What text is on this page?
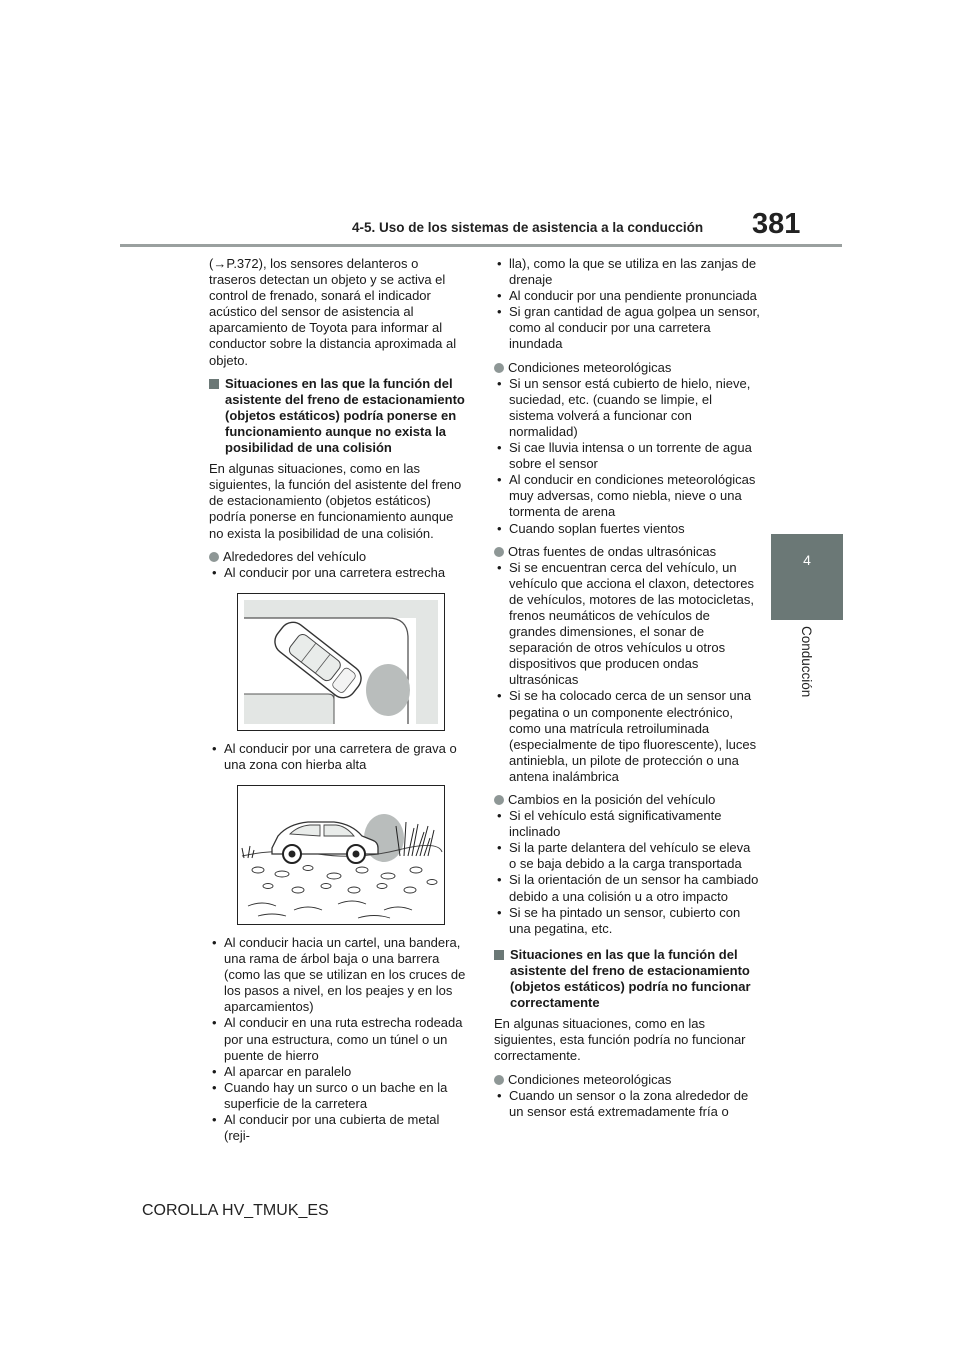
4-5. Uso de los sistemas de asistencia a la conducción 381
4
Conducción

(→P.372), los sensores delanteros o traseros detectan un objeto y se activa el control de frenado, sonará el indicador acústico del sensor de asistencia al aparcamiento de Toyota para informar al conductor sobre la distancia aproximada al objeto.

Situaciones en las que la función del asistente del freno de estacionamiento (objetos estáticos) podría ponerse en funcionamiento aunque no exista la posibilidad de una colisión

En algunas situaciones, como en las siguientes, la función del asistente del freno de estacionamiento (objetos estáticos) podría ponerse en funcionamiento aunque no exista la posibilidad de una colisión.

Alrededores del vehículo

• Al conducir por una carretera estrecha

• Al conducir por una carretera de grava o una zona con hierba alta

• Al conducir hacia un cartel, una bandera, una rama de árbol baja o una barrera (como las que se utilizan en los cruces de los pasos a nivel, en los peajes y en los aparcamientos)

• Al conducir en una ruta estrecha rodeada por una estructura, como un túnel o un puente de hierro

• Al aparcar en paralelo

• Cuando hay un surco o un bache en la superficie de la carretera

• Al conducir por una cubierta de metal (reji-

• lla), como la que se utiliza en las zanjas de drenaje

• Al conducir por una pendiente pronunciada

• Si gran cantidad de agua golpea un sensor, como al conducir por una carretera inundada

Condiciones meteorológicas

• Si un sensor está cubierto de hielo, nieve, suciedad, etc. (cuando se limpie, el sistema volverá a funcionar con normalidad)

• Si cae lluvia intensa o un torrente de agua sobre el sensor

• Al conducir en condiciones meteorológicas muy adversas, como niebla, nieve o una tormenta de arena

• Cuando soplan fuertes vientos

Otras fuentes de ondas ultrasónicas

• Si se encuentran cerca del vehículo, un vehículo que acciona el claxon, detectores de vehículos, motores de las motocicletas, frenos neumáticos de vehículos de grandes dimensiones, el sonar de separación de otros vehículos u otros dispositivos que producen ondas ultrasónicas

• Si se ha colocado cerca de un sensor una pegatina o un componente electrónico, como una matrícula retroiluminada (especialmente de tipo fluorescente), luces antiniebla, un pilote de protección o una antena inalámbrica

Cambios en la posición del vehículo

• Si el vehículo está significativamente inclinado

• Si la parte delantera del vehículo se eleva o se baja debido a la carga transportada

• Si la orientación de un sensor ha cambiado debido a una colisión u a otro impacto

• Si se ha pintado un sensor, cubierto con una pegatina, etc.

Situaciones en las que la función del asistente del freno de estacionamiento (objetos estáticos) podría no funcionar correctamente

En algunas situaciones, como en las siguientes, esta función podría no funcionar correctamente.

Condiciones meteorológicas

• Cuando un sensor o la zona alrededor de un sensor está extremadamente fría o

COROLLA HV_TMUK_ES
